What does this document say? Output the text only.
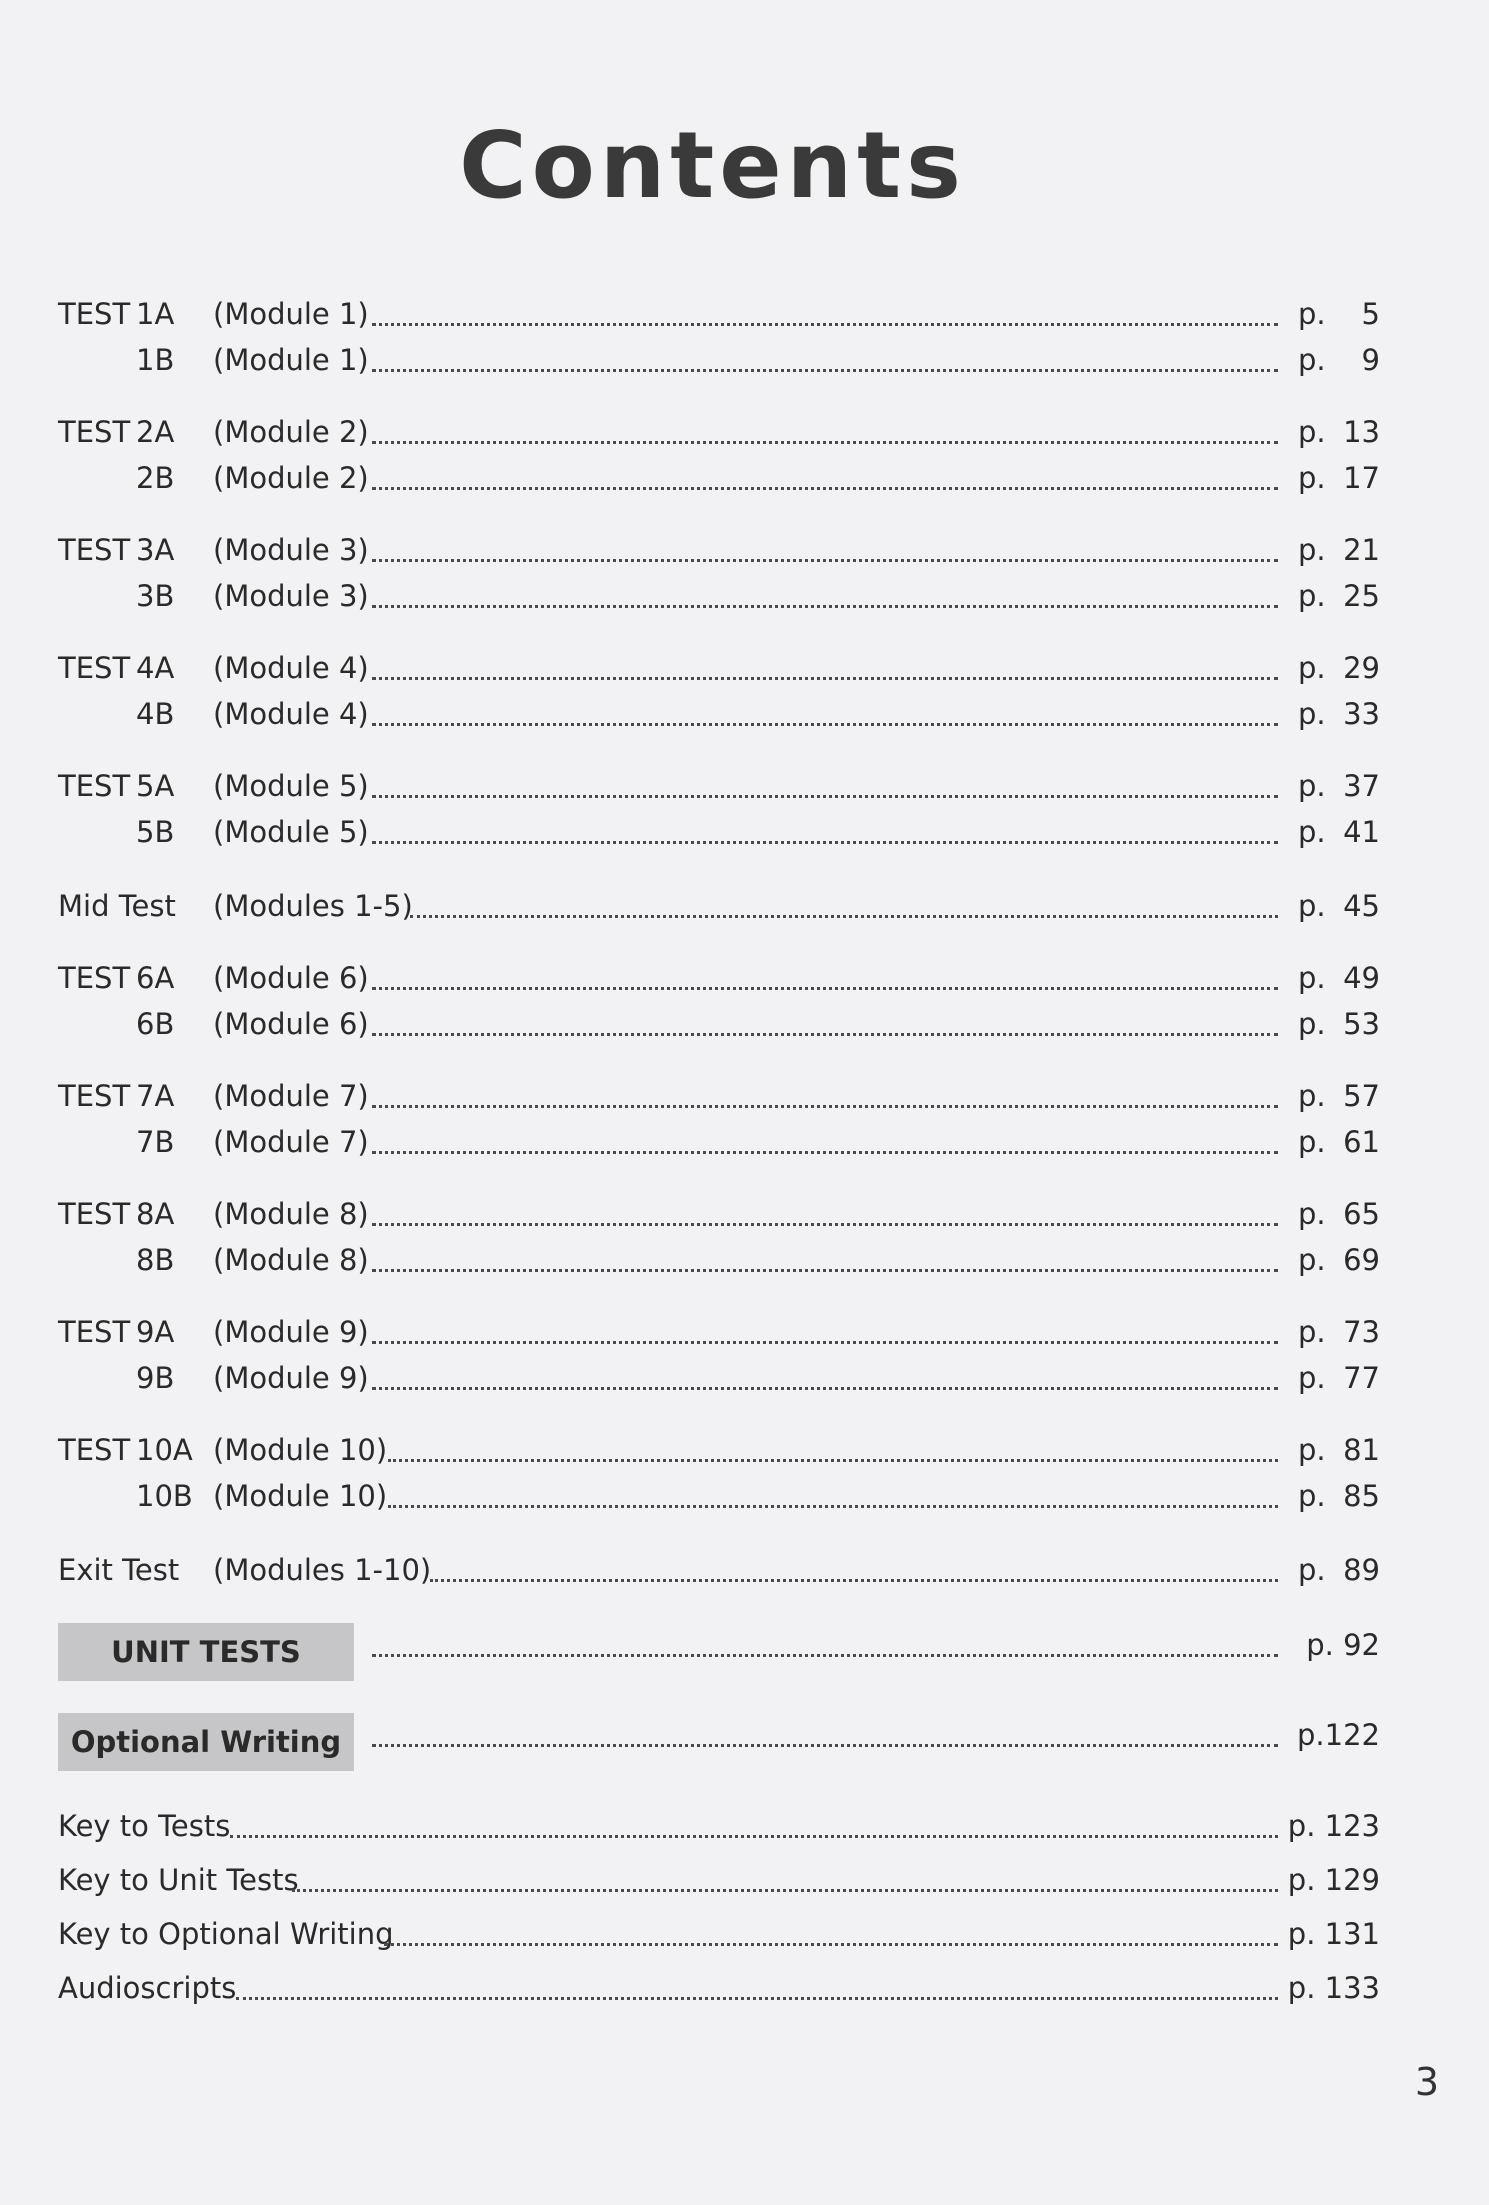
Contents
TEST 1A (Module 1)	p. 5
1B (Module 1)	p. 9
TEST 2A (Module 2)	p. 13
2B (Module 2)	p. 17
TEST 3A (Module 3)	p. 21
3B (Module 3)	p. 25
TEST 4A (Module 4)	p. 29
4B (Module 4)	p. 33
TEST 5A (Module 5)	p. 37
5B (Module 5)	p. 41
Mid Test (Modules 1-5)	p. 45
TEST 6A (Module 6)	p. 49
6B (Module 6)	p. 53
TEST 7A (Module 7)	p. 57
7B (Module 7)	p. 61
TEST 8A (Module 8)	p. 65
8B (Module 8)	p. 69
TEST 9A (Module 9)	p. 73
9B (Module 9)	p. 77
TEST 10A (Module 10)	p. 81
10B (Module 10)	p. 85
Exit Test (Modules 1-10)	p. 89
UNIT TESTS	p. 92
Optional Writing	p.122
Key to Tests	p. 123
Key to Unit Tests	p. 129
Key to Optional Writing	p. 131
Audioscripts	p. 133
3
